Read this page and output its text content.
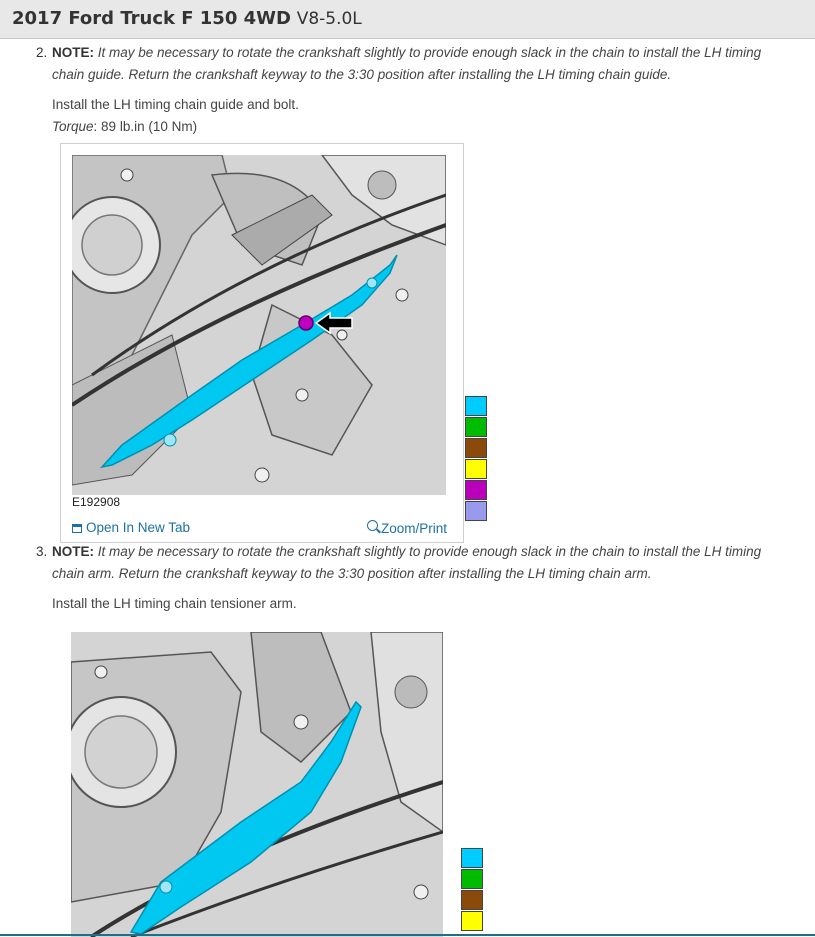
2017 Ford Truck F 150 4WD V8-5.0L
2. NOTE: It may be necessary to rotate the crankshaft slightly to provide enough slack in the chain to install the LH timing chain guide. Return the crankshaft keyway to the 3:30 position after installing the LH timing chain guide.
Install the LH timing chain guide and bolt.
Torque: 89 lb.in (10 Nm)
E192908
Open In New Tab	Zoom/Print
3. NOTE: It may be necessary to rotate the crankshaft slightly to provide enough slack in the chain to install the LH timing chain arm. Return the crankshaft keyway to the 3:30 position after installing the LH timing chain arm.
Install the LH timing chain tensioner arm.
